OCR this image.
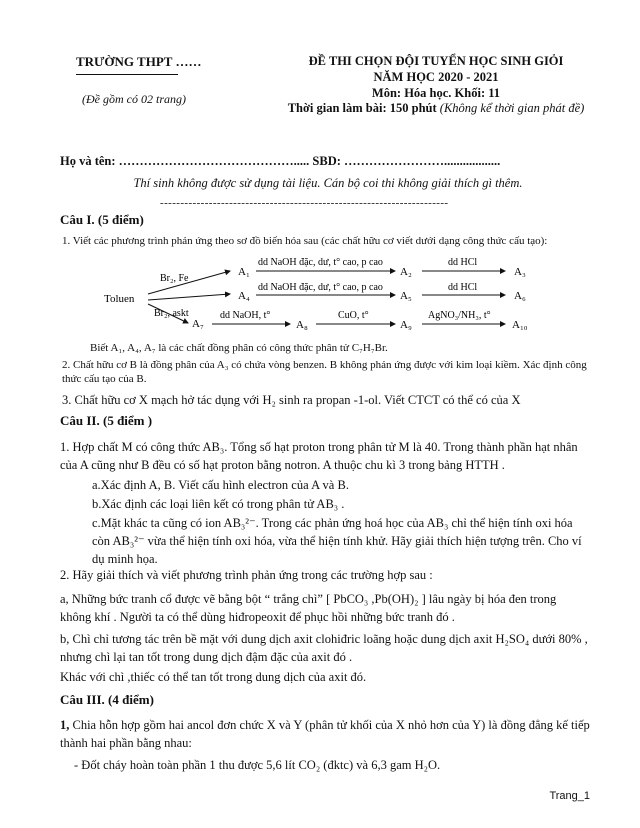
TRƯỜNG THPT ……
(Đề gồm có 02 trang)
ĐỀ THI CHỌN ĐỘI TUYỂN HỌC SINH GIỎI
NĂM HỌC 2020 - 2021
Môn: Hóa học. Khối: 11
Thời gian làm bài: 150 phút (Không kể thời gian phát đề)
Họ và tên: ……………………………………..... SBD: ……………………..................
Thí sinh không được sử dụng tài liệu. Cán bộ coi thi không giải thích gì thêm.
-----------------------------------------------------------------------
Câu I. (5 điểm)
1. Viết các phương trình phản ứng theo sơ đồ biến hóa sau (các chất hữu cơ viết dưới dạng công thức cấu tạo):
Toluen
Br₂, Fe
Br₂, askt
A₁
dd NaOH đặc, dư, t° cao, p cao
A₂
dd HCl
A₃
A₄
dd NaOH đặc, dư, t° cao, p cao
A₅
dd HCl
A₆
A₇
dd NaOH, t°
A₈
CuO, t°
A₉
AgNO₃/NH₃, t°
A₁₀
Biết A₁, A₄, A₇ là các chất đồng phân có công thức phân tử C₇H₇Br.
2. Chất hữu cơ B là đồng phân của A₃ có chứa vòng benzen. B không phản ứng được với kim loại kiềm. Xác định công thức cấu tạo của B.
3. Chất hữu cơ X mạch hở tác dụng với H₂ sinh ra propan -1-ol. Viết CTCT có thể có của X
Câu II. (5 điểm )
1. Hợp chất M có công thức AB₃. Tổng số hạt proton trong phân tử M là 40. Trong thành phần hạt nhân của A cũng như B đều có số hạt proton bằng notron. A thuộc chu kì 3 trong bảng HTTH .
a.Xác định A, B. Viết cấu hình electron của A và B.
b.Xác định các loại liên kết có trong phân tử AB₃ .
c.Mặt khác ta cũng có ion AB₃²⁻. Trong các phản ứng hoá học của AB₃ chỉ thể hiện tính oxi hóa còn AB₃²⁻ vừa thể hiện tính oxi hóa, vừa thể hiện tính khử. Hãy giải thích hiện tượng trên. Cho ví dụ minh họa.
2. Hãy giải thích và viết phương trình phản ứng trong các trường hợp sau :
a, Những bức tranh cổ được vẽ bằng bột “ trắng chì” [ PbCO₃ ,Pb(OH)₂ ] lâu ngày bị hóa đen trong không khí . Người ta có thể dùng hiđropeoxit để phục hồi những bức tranh đó .
b, Chì chỉ tương tác trên bề mặt với dung dịch axit clohiđric loãng hoặc dung dịch axit H₂SO₄ dưới 80% , nhưng chì lại tan tốt trong dung dịch đậm đặc của axit đó .
Khác với chì ,thiếc có thể tan tốt trong dung dịch của axit đó.
Câu III. (4 điểm)
1, Chia hỗn hợp gồm hai ancol đơn chức X và Y (phân tử khối của X nhỏ hơn của Y) là đồng đẳng kế tiếp thành hai phần bằng nhau:
- Đốt cháy hoàn toàn phần 1 thu được 5,6 lít CO₂ (đktc) và 6,3 gam H₂O.
Trang_1
